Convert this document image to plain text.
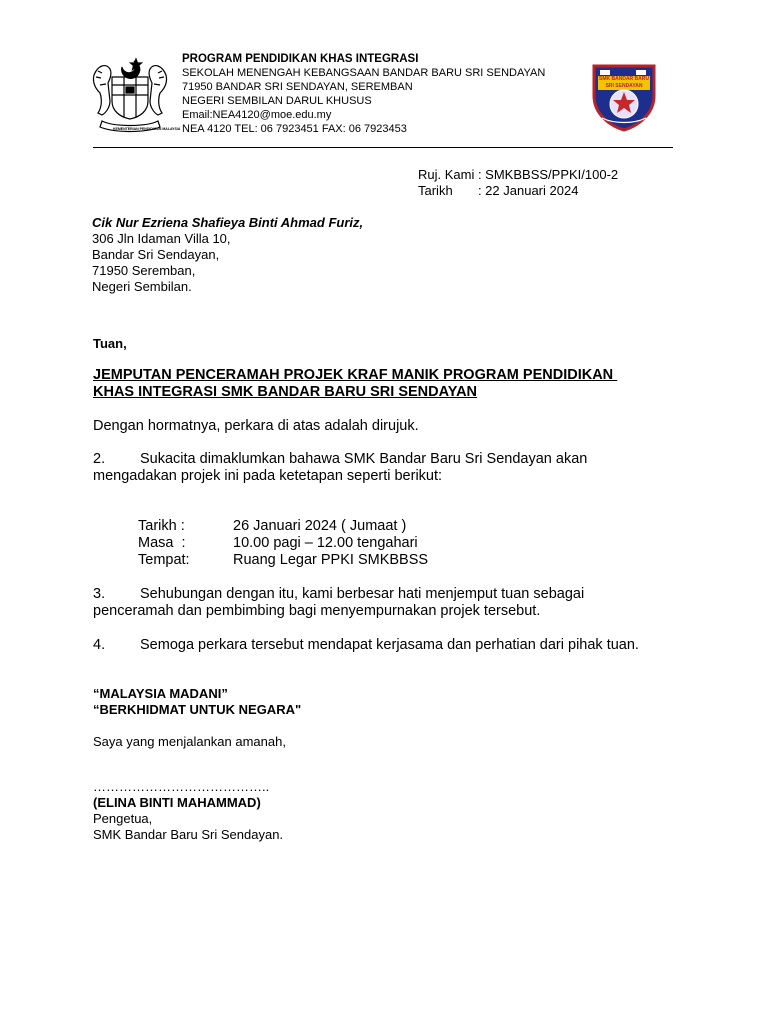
KEMENTERIAN PENDIDIKAN MALAYSIA
PROGRAM PENDIDIKAN KHAS INTEGRASI
SEKOLAH MENENGAH KEBANGSAAN BANDAR BARU SRI SENDAYAN
71950 BANDAR SRI SENDAYAN, SEREMBAN
NEGERI SEMBILAN DARUL KHUSUS
Email:NEA4120@moe.edu.my
NEA 4120 TEL: 06 7923451 FAX: 06 7923453
SMK BANDAR BARU SRI SENDAYAN
Ruj. Kami : SMKBBSS/PPKI/100-2
Tarikh       : 22 Januari 2024
Cik Nur Ezriena Shafieya Binti Ahmad Furiz,
306 Jln Idaman Villa 10,
Bandar Sri Sendayan,
71950 Seremban,
Negeri Sembilan.
Tuan,
JEMPUTAN PENCERAMAH PROJEK KRAF MANIK PROGRAM PENDIDIKAN
KHAS INTEGRASI SMK BANDAR BARU SRI SENDAYAN
Dengan hormatnya, perkara di atas adalah dirujuk.
2. Sukacita dimaklumkan bahawa SMK Bandar Baru Sri Sendayan akan
mengadakan projek ini pada ketetapan seperti berikut:
Tarikh :	26 Januari 2024 ( Jumaat )
Masa  :	10.00 pagi – 12.00 tengahari
Tempat:	Ruang Legar PPKI SMKBBSS
3. Sehubungan dengan itu, kami berbesar hati menjemput tuan sebagai
penceramah dan pembimbing bagi menyempurnakan projek tersebut.
4. Semoga perkara tersebut mendapat kerjasama dan perhatian dari pihak tuan.
“MALAYSIA MADANI”
“BERKHIDMAT UNTUK NEGARA"
Saya yang menjalankan amanah,
…………………………………..
(ELINA BINTI MAHAMMAD)
Pengetua,
SMK Bandar Baru Sri Sendayan.
